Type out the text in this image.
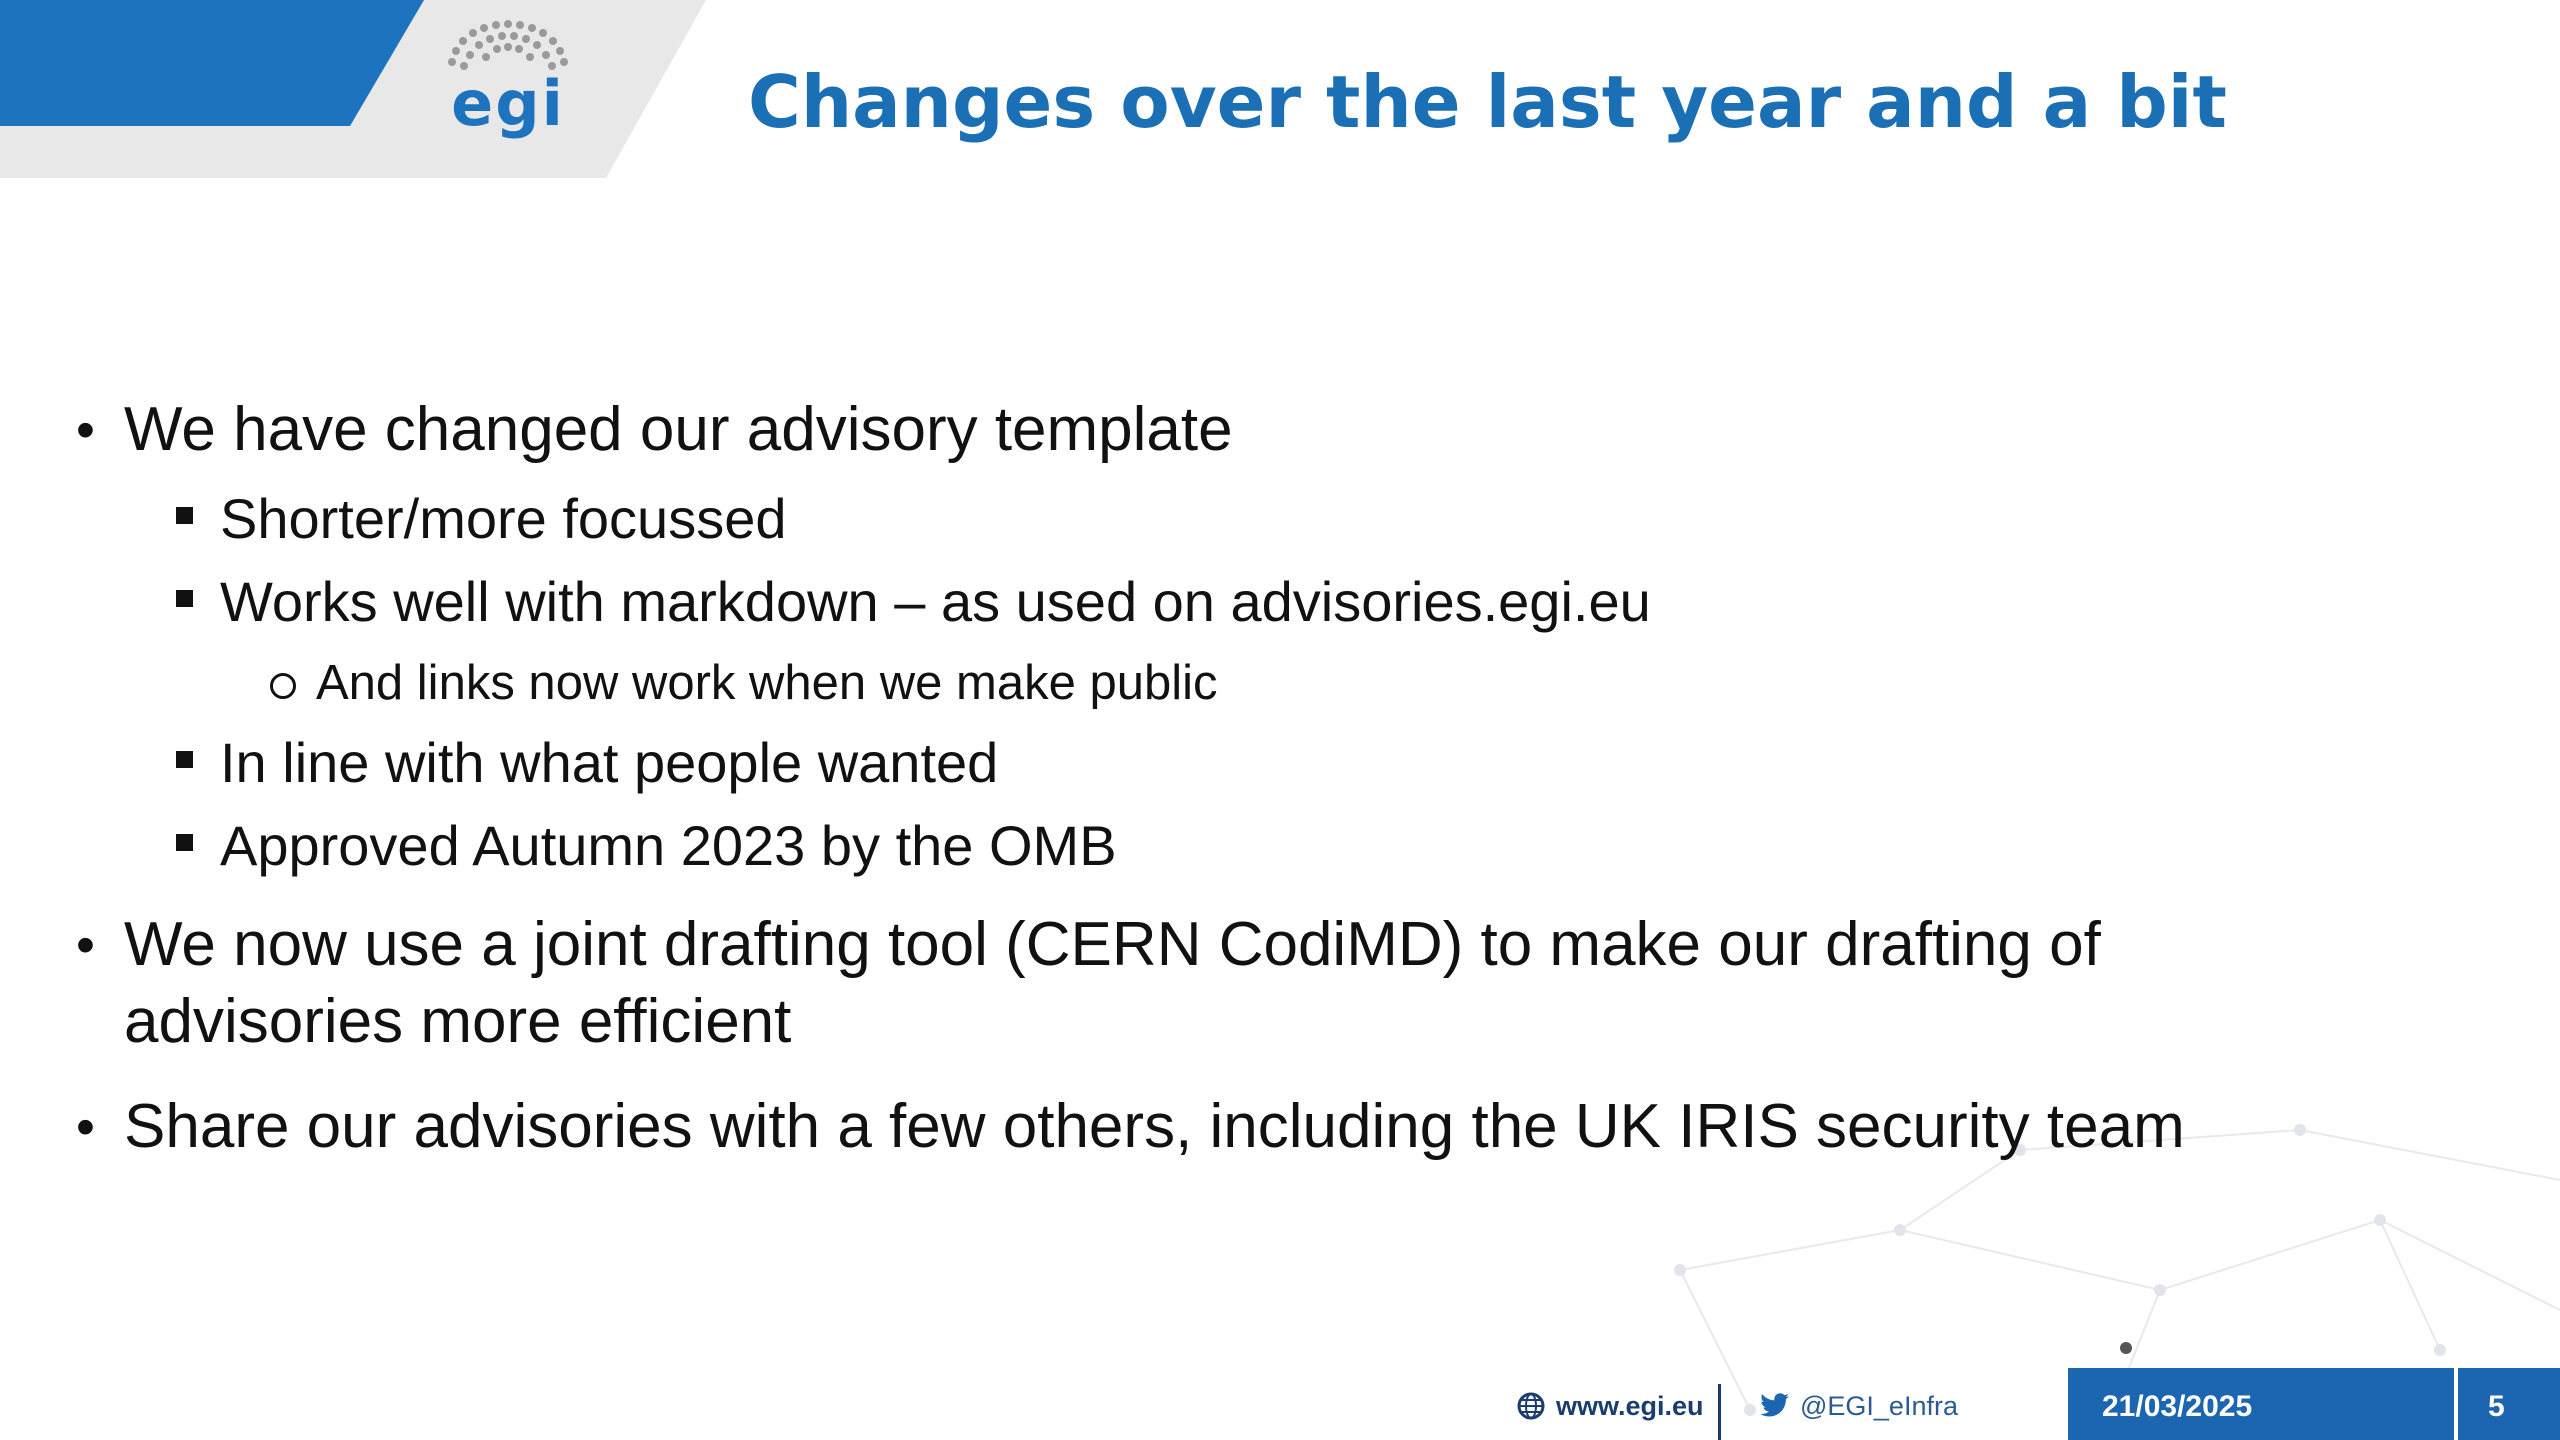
egi	Changes over the last year and a bit
• We have changed our advisory template
Shorter/more focussed
Works well with markdown – as used on advisories.egi.eu
And links now work when we make public
In line with what people wanted
Approved Autumn 2023 by the OMB
• We now use a joint drafting tool (CERN CodiMD) to make our drafting of
advisories more efficient
• Share our advisories with a few others, including the UK IRIS security team
www.egi.eu	@EGI_eInfra	21/03/2025	5
